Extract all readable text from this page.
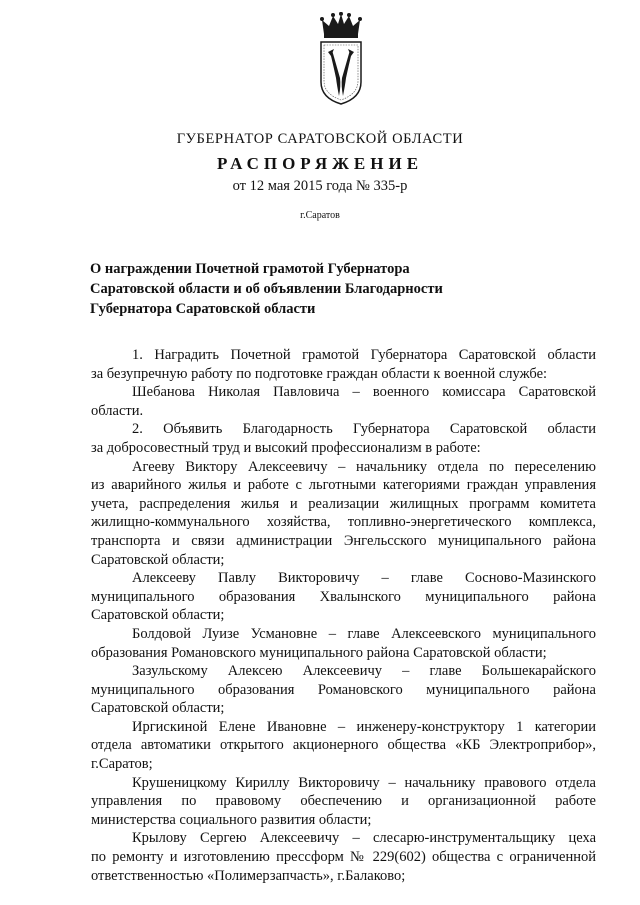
ГУБЕРНАТОР САРАТОВСКОЙ ОБЛАСТИ
РАСПОРЯЖЕНИЕ
от 12 мая 2015 года № 335-р
г.Саратов
О награждении Почетной грамотой Губернатора
Саратовской области и об объявлении Благодарности
Губернатора Саратовской области
1. Наградить Почетной грамотой Губернатора Саратовской области
за безупречную работу по подготовке граждан области к военной службе:
Шебанова Николая Павловича – военного комиссара Саратовской
области.
2. Объявить Благодарность Губернатора Саратовской области
за добросовестный труд и высокий профессионализм в работе:
Агееву Виктору Алексеевичу – начальнику отдела по переселению
из аварийного жилья и работе с льготными категориями граждан управления
учета, распределения жилья и реализации жилищных программ комитета
жилищно-коммунального хозяйства, топливно-энергетического комплекса,
транспорта и связи администрации Энгельсского муниципального района
Саратовской области;
Алексееву Павлу Викторовичу – главе Сосново-Мазинского
муниципального образования Хвалынского муниципального района
Саратовской области;
Болдовой Луизе Усмановне – главе Алексеевского муниципального
образования Романовского муниципального района Саратовской области;
Зазульскому Алексею Алексеевичу – главе Большекарайского
муниципального образования Романовского муниципального района
Саратовской области;
Иргискиной Елене Ивановне – инженеру-конструктору 1 категории
отдела автоматики открытого акционерного общества «КБ Электроприбор»,
г.Саратов;
Крушеницкому Кириллу Викторовичу – начальнику правового отдела
управления по правовому обеспечению и организационной работе
министерства социального развития области;
Крылову Сергею Алексеевичу – слесарю-инструментальщику цеха
по ремонту и изготовлению прессформ № 229(602) общества с ограниченной
ответственностью «Полимерзапчасть», г.Балаково;
